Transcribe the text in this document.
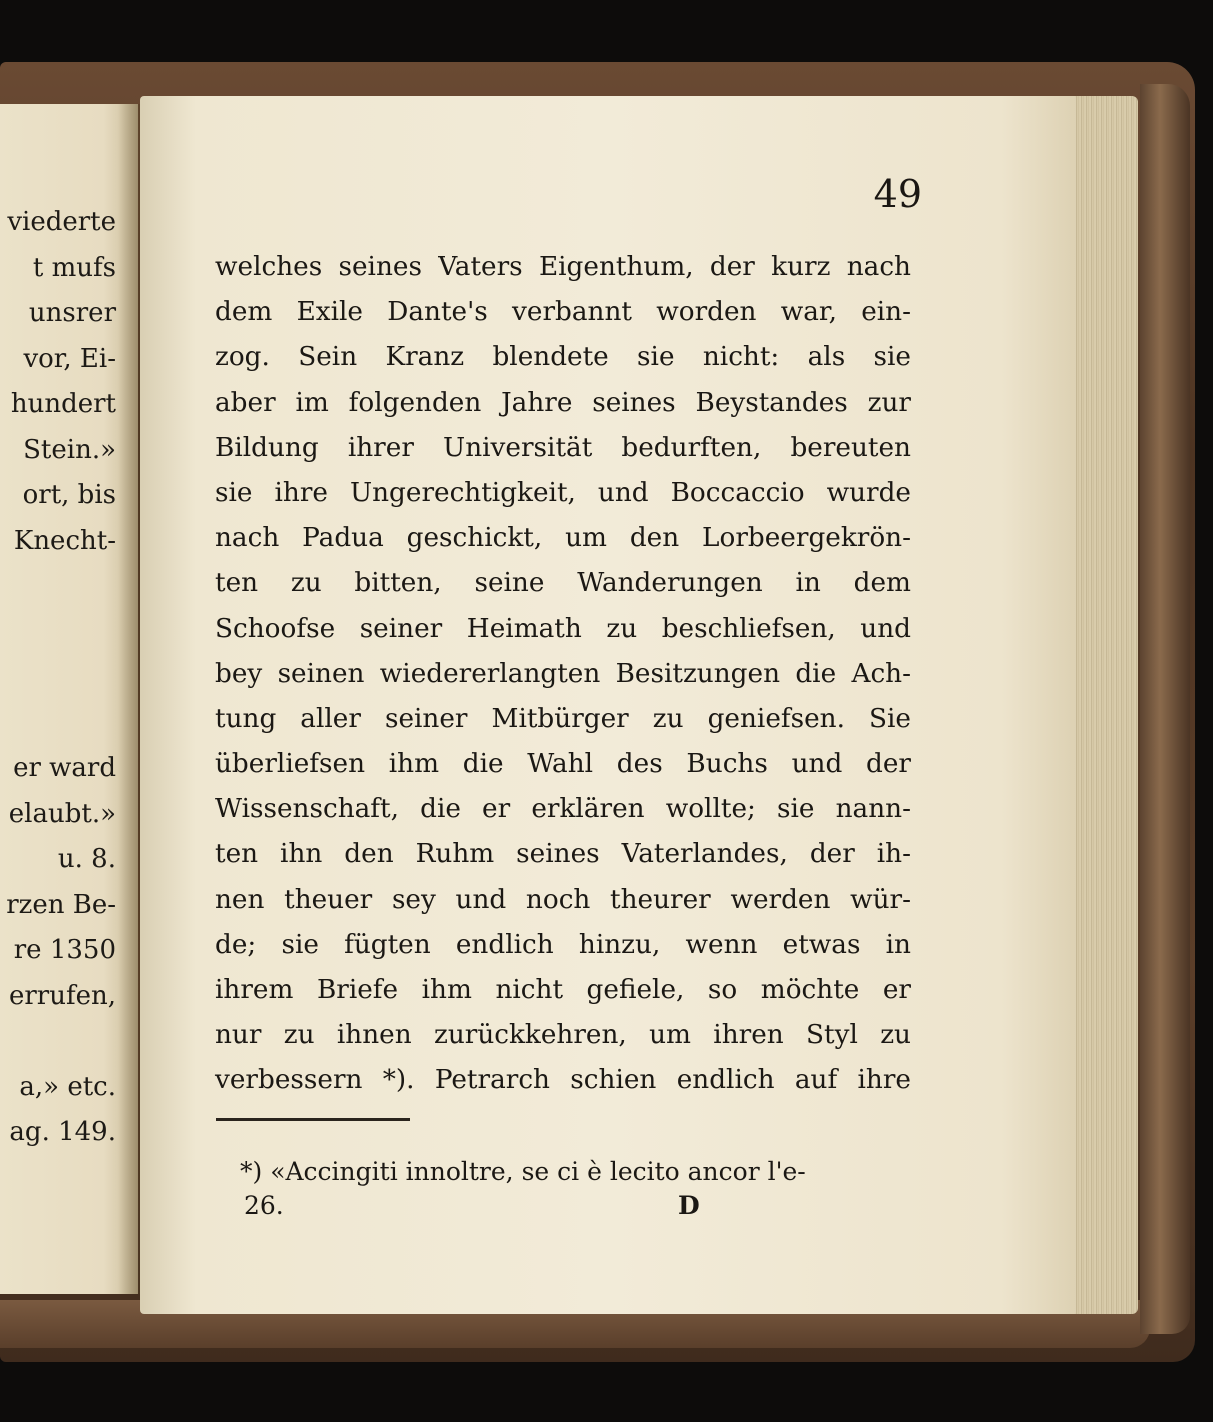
viederte
t mufs
unsrer
vor, Ei-
hundert
Stein.»
ort, bis
Knecht-
er ward
elaubt.»
u. 8.
rzen Be-
re 1350
errufen,
a,» etc.
ag. 149.
49
welches seines Vaters Eigenthum, der kurz nach
dem Exile Dante's verbannt worden war, ein-
zog. Sein Kranz blendete sie nicht: als sie
aber im folgenden Jahre seines Beystandes zur
Bildung ihrer Universität bedurften, bereuten
sie ihre Ungerechtigkeit, und Boccaccio wurde
nach Padua geschickt, um den Lorbeergekrön-
ten zu bitten, seine Wanderungen in dem
Schoofse seiner Heimath zu beschliefsen, und
bey seinen wiedererlangten Besitzungen die Ach-
tung aller seiner Mitbürger zu geniefsen. Sie
überliefsen ihm die Wahl des Buchs und der
Wissenschaft, die er erklären wollte; sie nann-
ten ihn den Ruhm seines Vaterlandes, der ih-
nen theuer sey und noch theurer werden wür-
de; sie fügten endlich hinzu, wenn etwas in
ihrem Briefe ihm nicht gefiele, so möchte er
nur zu ihnen zurückkehren, um ihren Styl zu
verbessern *). Petrarch schien endlich auf ihre
*) «Accingiti innoltre, se ci è lecito ancor l'e-
26.	D
